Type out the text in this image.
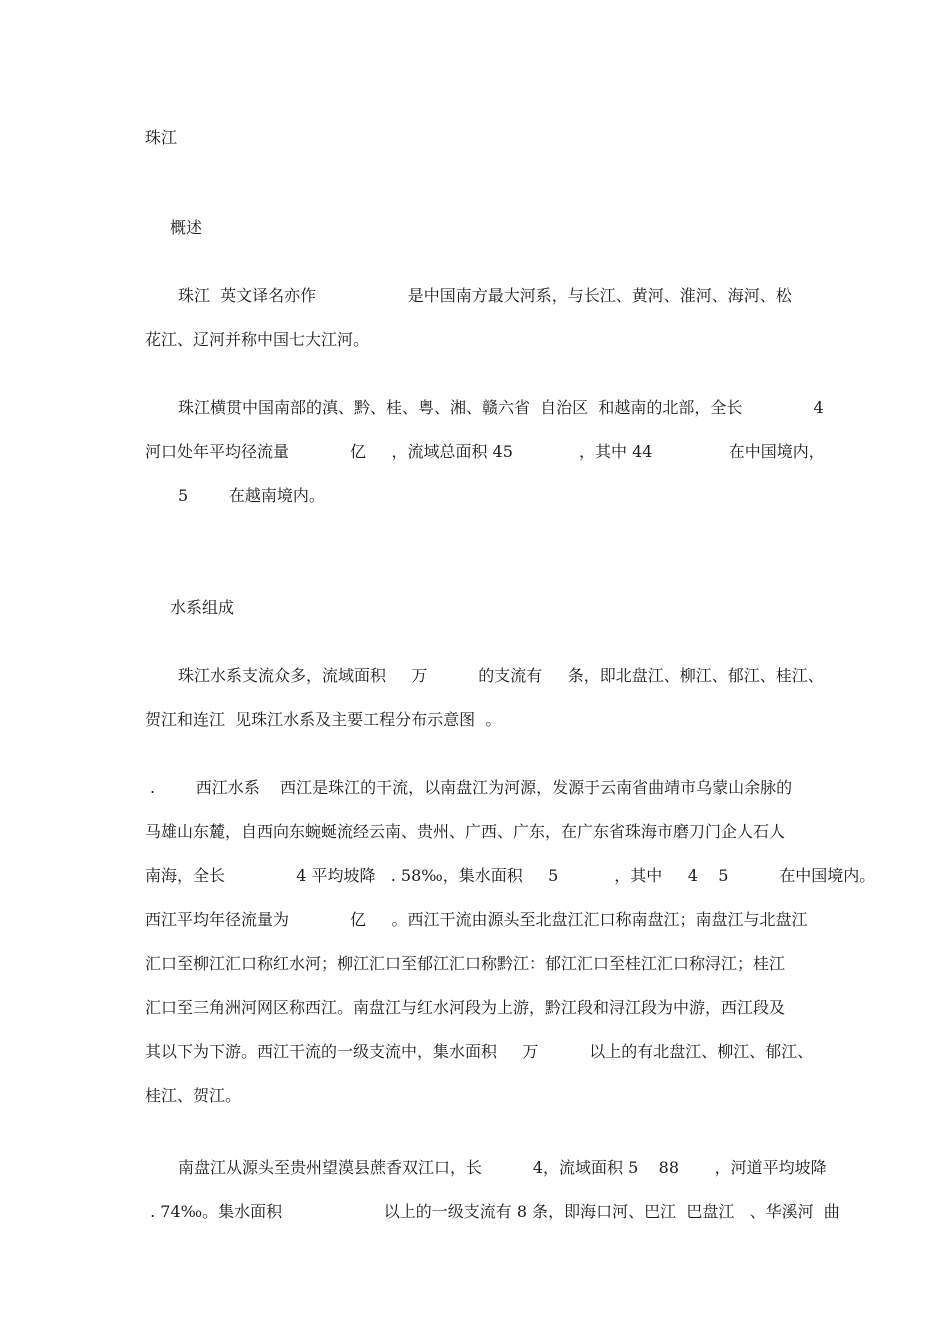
珠江
概述
珠江  英文译名亦作                  是中国南方最大河系，与长江、黄河、淮河、海河、松
花江、辽河并称中国七大江河。
珠江横贯中国南部的滇、黔、桂、粤、湘、赣六省  自治区  和越南的北部，全长              4
河口处年平均径流量            亿     ，流域总面积 45             ，其中 44               在中国境内，
5        在越南境内。
水系组成
珠江水系支流众多，流域面积     万          的支流有     条，即北盘江、柳江、郁江、桂江、
贺江和连江  见珠江水系及主要工程分布示意图  。
.        西江水系    西江是珠江的干流，以南盘江为河源，发源于云南省曲靖市乌蒙山余脉的
马雄山东麓，自西向东蜿蜒流经云南、贵州、广西、广东，在广东省珠海市磨刀门企人石人
南海，全长              4 平均坡降   . 58‰，集水面积     5           ，其中     4    5          在中国境内。
西江平均年径流量为            亿     。西江干流由源头至北盘江汇口称南盘江；南盘江与北盘江
汇口至柳江汇口称红水河；柳江汇口至郁江汇口称黔江：郁江汇口至桂江汇口称浔江；桂江
汇口至三角洲河网区称西江。南盘江与红水河段为上游，黔江段和浔江段为中游，西江段及
其以下为下游。西江干流的一级支流中，集水面积     万          以上的有北盘江、柳江、郁江、
桂江、贺江。
南盘江从源头至贵州望漠县蔗香双江口，长          4，流域面积 5    88       ，河道平均坡降
. 74‰。集水面积                    以上的一级支流有 8 条，即海口河、巴江  巴盘江   、华溪河  曲
